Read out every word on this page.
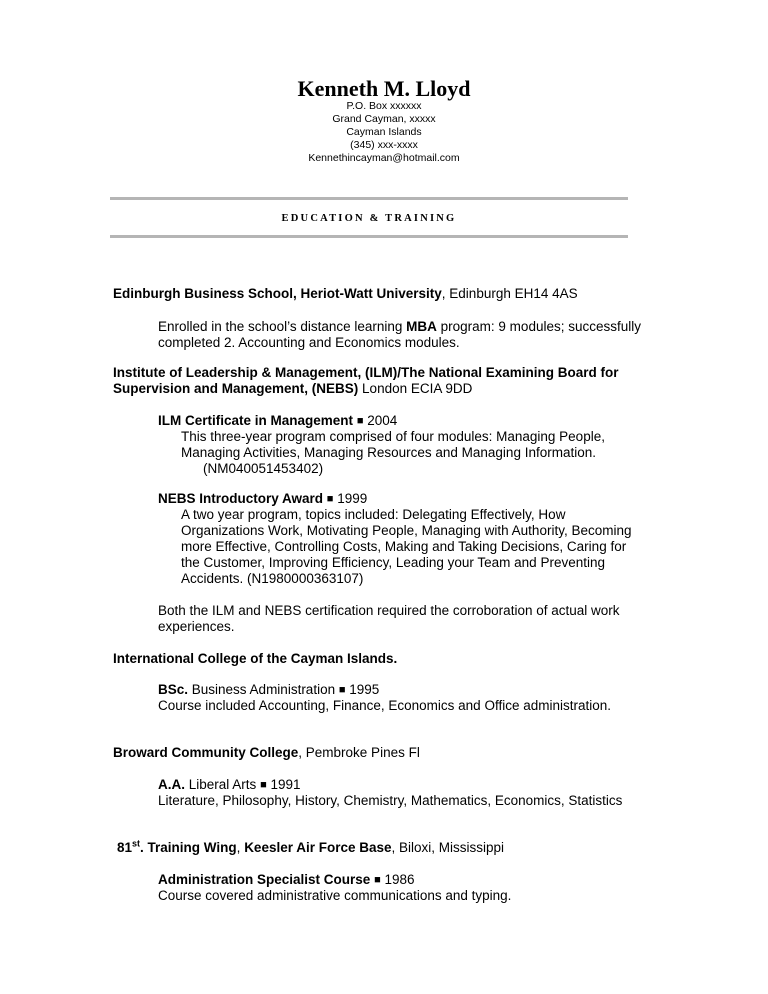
Kenneth M. Lloyd
P.O. Box xxxxxx
Grand Cayman, xxxxx
Cayman Islands
(345) xxx-xxxx
Kennethincayman@hotmail.com
EDUCATION & TRAINING
Edinburgh Business School, Heriot-Watt University, Edinburgh EH14 4AS
Enrolled in the school’s distance learning MBA program: 9 modules; successfully
completed 2. Accounting and Economics modules.
Institute of Leadership & Management, (ILM)/The National Examining Board for
Supervision and Management, (NEBS) London ECIA 9DD
ILM Certificate in Management ■ 2004
This three-year program comprised of four modules: Managing People,
Managing Activities, Managing Resources and Managing Information.
(NM040051453402)
NEBS Introductory Award ■ 1999
A two year program, topics included: Delegating Effectively, How
Organizations Work, Motivating People, Managing with Authority, Becoming
more Effective, Controlling Costs, Making and Taking Decisions, Caring for
the Customer, Improving Efficiency, Leading your Team and Preventing
Accidents. (N1980000363107)
Both the ILM and NEBS certification required the corroboration of actual work
experiences.
International College of the Cayman Islands.
BSc. Business Administration ■ 1995
Course included Accounting, Finance, Economics and Office administration.
Broward Community College, Pembroke Pines Fl
A.A. Liberal Arts ■ 1991
Literature, Philosophy, History, Chemistry, Mathematics, Economics, Statistics
81st. Training Wing, Keesler Air Force Base, Biloxi, Mississippi
Administration Specialist Course ■ 1986
Course covered administrative communications and typing.
